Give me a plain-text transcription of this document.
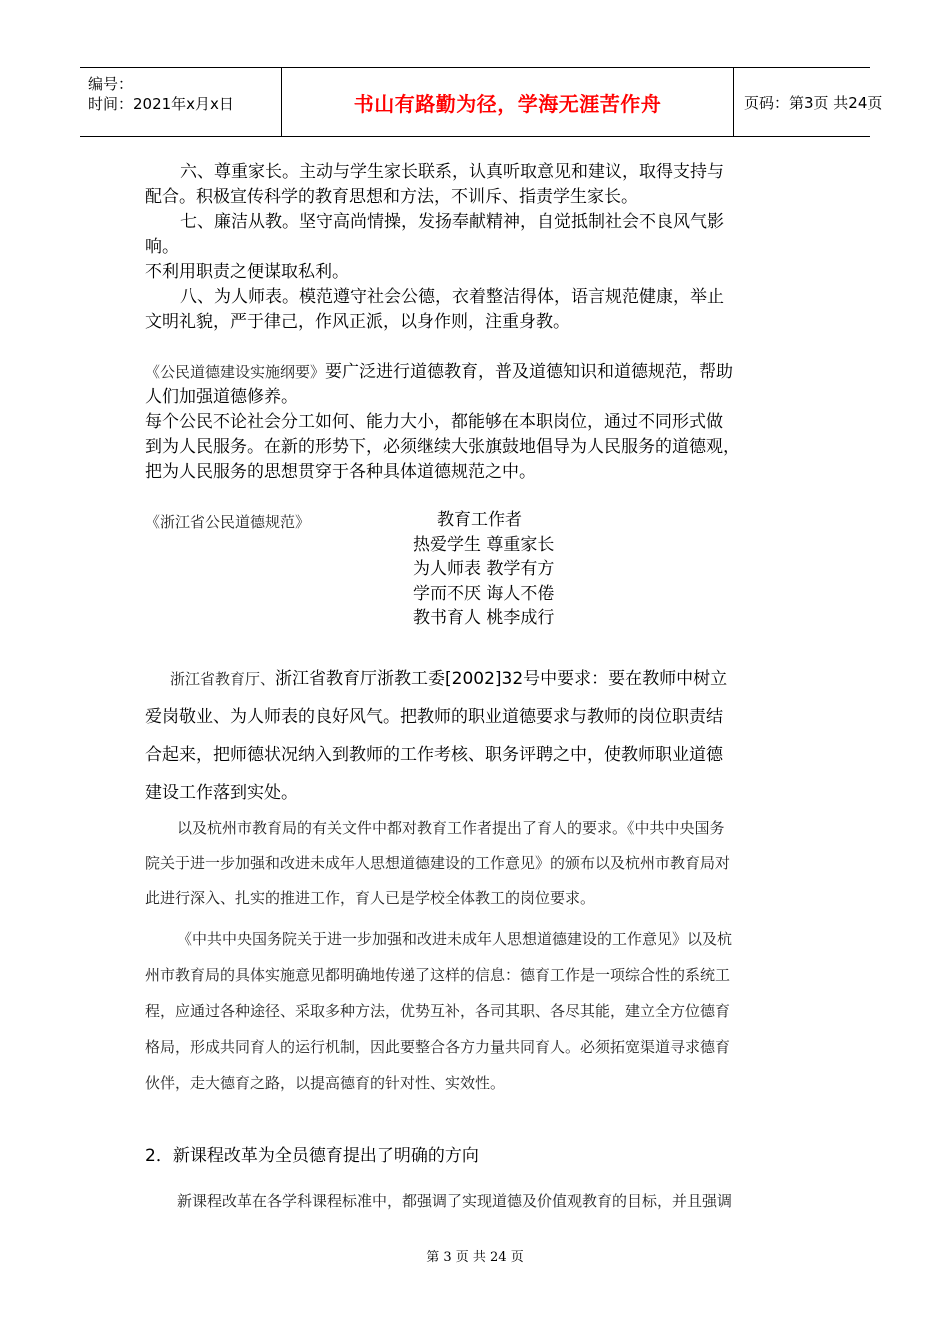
编号：
时间：2021年x月x日	书山有路勤为径，学海无涯苦作舟	页码：第3页 共24页
六、尊重家长。主动与学生家长联系，认真听取意见和建议，取得支持与
配合。积极宣传科学的教育思想和方法，不训斥、指责学生家长。
七、廉洁从教。坚守高尚情操，发扬奉献精神，自觉抵制社会不良风气影
响。
不利用职责之便谋取私利。
八、为人师表。模范遵守社会公德，衣着整洁得体，语言规范健康，举止
文明礼貌，严于律己，作风正派，以身作则，注重身教。
《公民道德建设实施纲要》要广泛进行道德教育，普及道德知识和道德规范，帮助
人们加强道德修养。
每个公民不论社会分工如何、能力大小，都能够在本职岗位，通过不同形式做
到为人民服务。在新的形势下，必须继续大张旗鼓地倡导为人民服务的道德观，
把为人民服务的思想贯穿于各种具体道德规范之中。
《浙江省公民道德规范》	教育工作者
热爱学生 尊重家长
为人师表 教学有方
学而不厌 诲人不倦
教书育人 桃李成行
浙江省教育厅、浙江省教育厅浙教工委[2002]32号中要求：要在教师中树立
爱岗敬业、为人师表的良好风气。把教师的职业道德要求与教师的岗位职责结
合起来，把师德状况纳入到教师的工作考核、职务评聘之中，使教师职业道德
建设工作落到实处。
以及杭州市教育局的有关文件中都对教育工作者提出了育人的要求。《中共中央国务
院关于进一步加强和改进未成年人思想道德建设的工作意见》的颁布以及杭州市教育局对
此进行深入、扎实的推进工作，育人已是学校全体教工的岗位要求。
《中共中央国务院关于进一步加强和改进未成年人思想道德建设的工作意见》以及杭
州市教育局的具体实施意见都明确地传递了这样的信息：德育工作是一项综合性的系统工
程，应通过各种途径、采取多种方法，优势互补，各司其职、各尽其能，建立全方位德育
格局，形成共同育人的运行机制，因此要整合各方力量共同育人。必须拓宽渠道寻求德育
伙伴，走大德育之路，以提高德育的针对性、实效性。
2．新课程改革为全员德育提出了明确的方向
新课程改革在各学科课程标准中，都强调了实现道德及价值观教育的目标，并且强调
第 3 页 共 24 页
